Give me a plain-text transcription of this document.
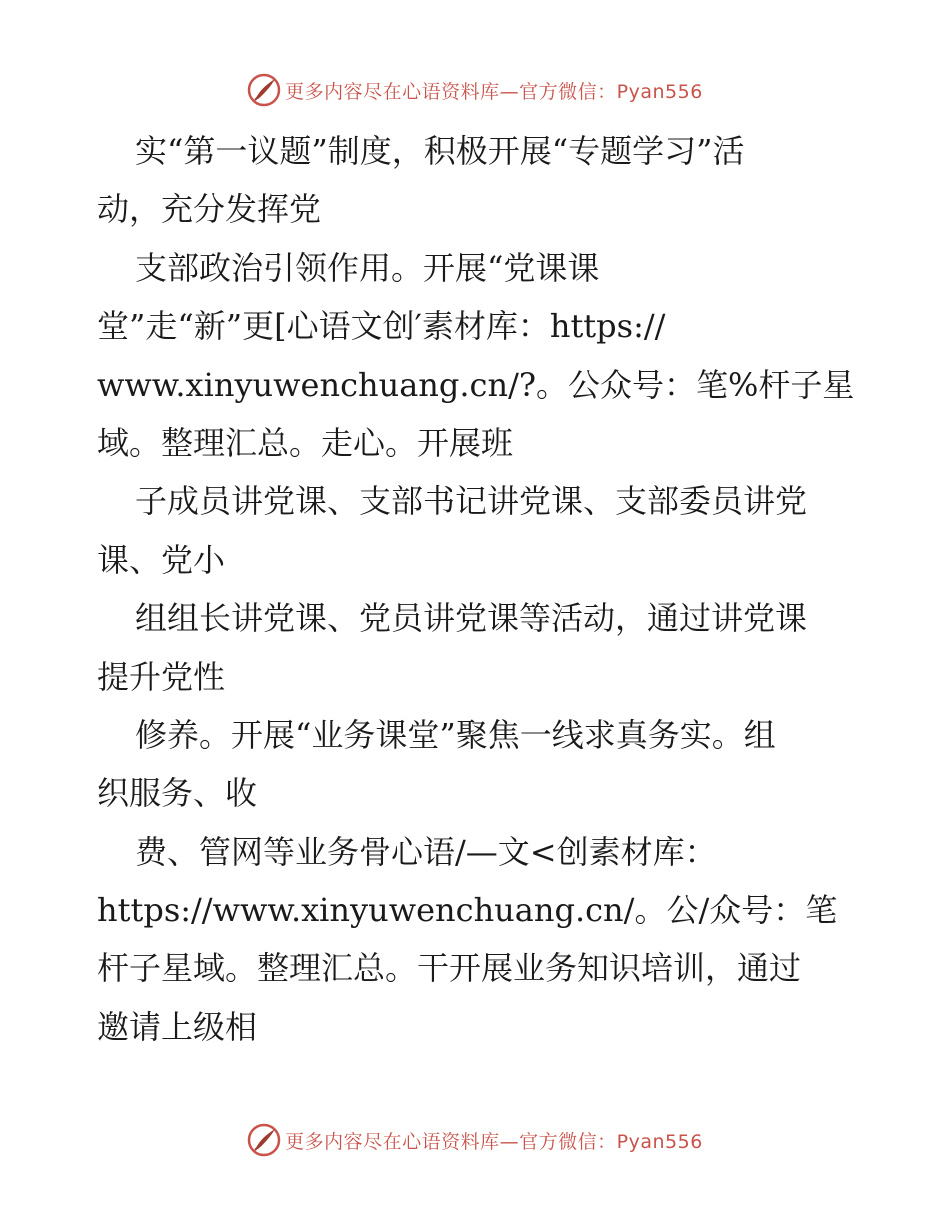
更多内容尽在心语资料库—官方微信：Pyan556
实“第一议题”制度，积极开展“专题学习”活
动，充分发挥党
支部政治引领作用。开展“党课课
堂”走“新”更[心语文创′素材库：https://
www.xinyuwenchuang.cn/?。公众号：笔%杆子星
域。整理汇总。走心。开展班
子成员讲党课、支部书记讲党课、支部委员讲党
课、党小
组组长讲党课、党员讲党课等活动，通过讲党课
提升党性
修养。开展“业务课堂”聚焦一线求真务实。组
织服务、收
费、管网等业务骨心语/—文<创素材库：
https://www.xinyuwenchuang.cn/。公/众号：笔
杆子星域。整理汇总。干开展业务知识培训，通过
邀请上级相
更多内容尽在心语资料库—官方微信：Pyan556
